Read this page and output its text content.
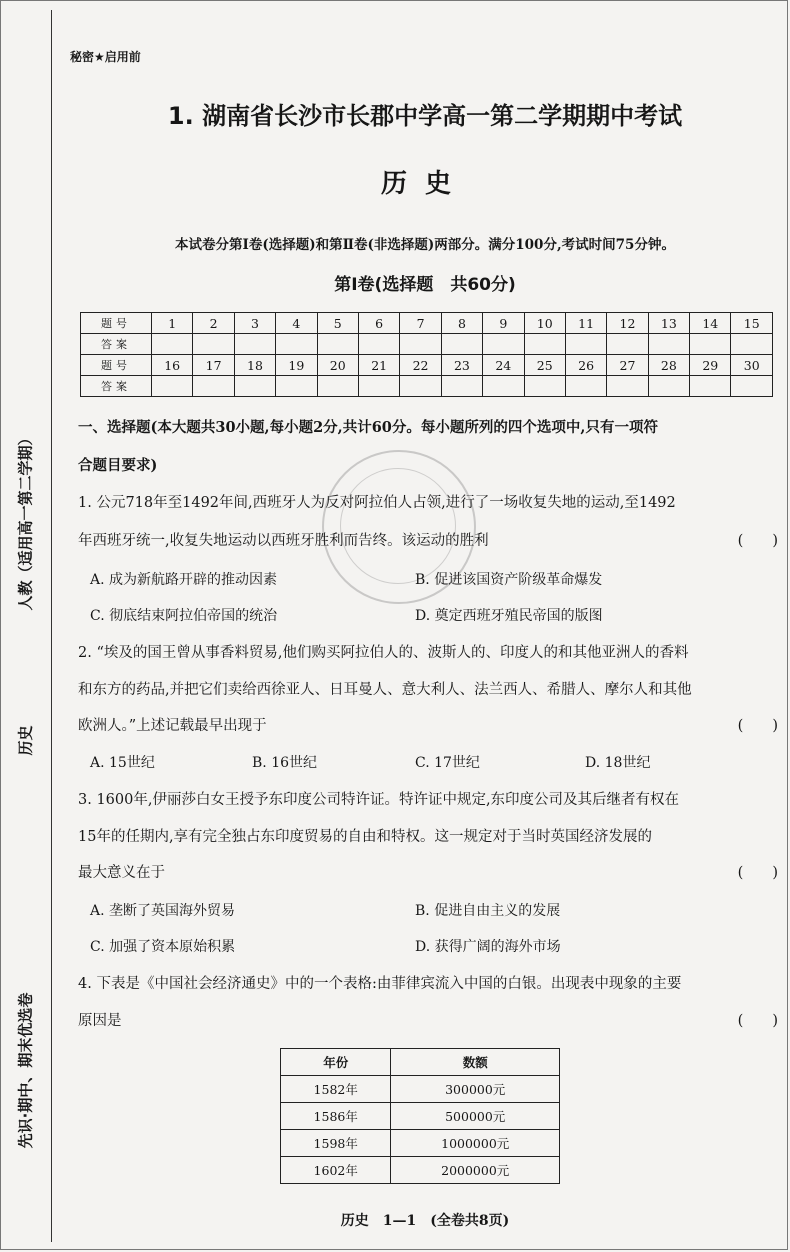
先识·期中、期末优选卷
历史
人教（适用高一第二学期）
秘密★启用前
1. 湖南省长沙市长郡中学高一第二学期期中考试
历史
本试卷分第Ⅰ卷(选择题)和第Ⅱ卷(非选择题)两部分。满分100分,考试时间75分钟。
第Ⅰ卷(选择题　共60分)
题号	1	2	3	4	5	6	7	8	9	10	11	12	13	14	15
答案															
题号	16	17	18	19	20	21	22	23	24	25	26	27	28	29	30
答案															
一、选择题(本大题共30小题,每小题2分,共计60分。每小题所列的四个选项中,只有一项符
合题目要求)
1. 公元718年至1492年间,西班牙人为反对阿拉伯人占领,进行了一场收复失地的运动,至1492
年西班牙统一,收复失地运动以西班牙胜利而告终。该运动的胜利	(　　)
A. 成为新航路开辟的推动因素	B. 促进该国资产阶级革命爆发
C. 彻底结束阿拉伯帝国的统治	D. 奠定西班牙殖民帝国的版图
2. “埃及的国王曾从事香料贸易,他们购买阿拉伯人的、波斯人的、印度人的和其他亚洲人的香料
和东方的药品,并把它们卖给西徐亚人、日耳曼人、意大利人、法兰西人、希腊人、摩尔人和其他
欧洲人。”上述记载最早出现于	(　　)
A. 15世纪	B. 16世纪	C. 17世纪	D. 18世纪
3. 1600年,伊丽莎白女王授予东印度公司特许证。特许证中规定,东印度公司及其后继者有权在
15年的任期内,享有完全独占东印度贸易的自由和特权。这一规定对于当时英国经济发展的
最大意义在于	(　　)
A. 垄断了英国海外贸易	B. 促进自由主义的发展
C. 加强了资本原始积累	D. 获得广阔的海外市场
4. 下表是《中国社会经济通史》中的一个表格:由菲律宾流入中国的白银。出现表中现象的主要
原因是	(　　)
年份	数额
1582年	300000元
1586年	500000元
1598年	1000000元
1602年	2000000元
历史　1—1　(全卷共8页)
